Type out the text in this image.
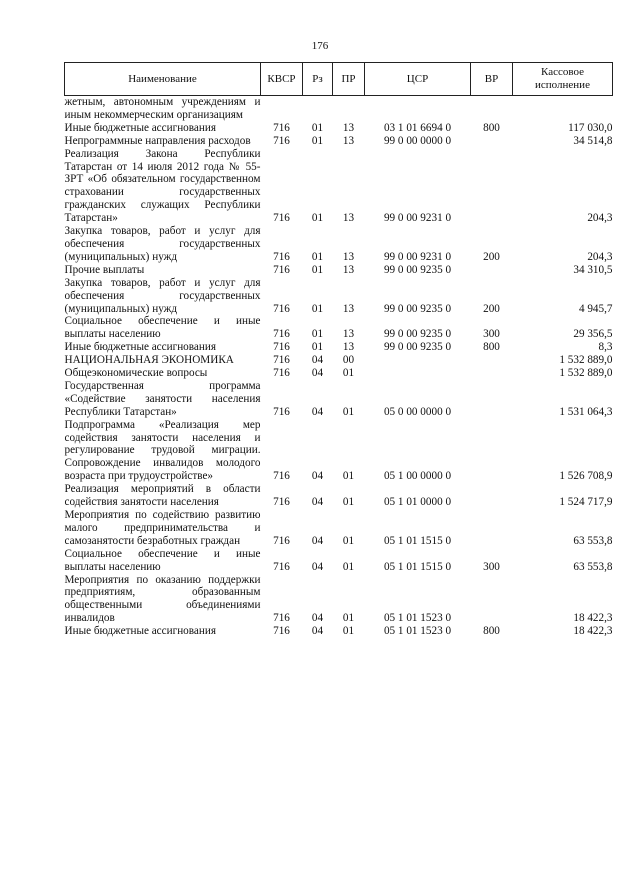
176
Наименование	КВСР	Рз	ПР	ЦСР	ВР	Кассовое исполнение
жетным, автономным учреждениям и иным некоммерческим организациям						
Иные бюджетные ассигнования	716	01	13	03 1 01 6694 0	800	117 030,0
Непрограммные направления расходов	716	01	13	99 0 00 0000 0		34 514,8
Реализация Закона Республики Татарстан от 14 июля 2012 года № 55-ЗРТ «Об обязательном государственном страховании государственных гражданских служащих Республики Татарстан»	716	01	13	99 0 00 9231 0		204,3
Закупка товаров, работ и услуг для обеспечения государственных (муниципальных) нужд	716	01	13	99 0 00 9231 0	200	204,3
Прочие выплаты	716	01	13	99 0 00 9235 0		34 310,5
Закупка товаров, работ и услуг для обеспечения государственных (муниципальных) нужд	716	01	13	99 0 00 9235 0	200	4 945,7
Социальное обеспечение и иные выплаты населению	716	01	13	99 0 00 9235 0	300	29 356,5
Иные бюджетные ассигнования	716	01	13	99 0 00 9235 0	800	8,3
НАЦИОНАЛЬНАЯ ЭКОНОМИКА	716	04	00			1 532 889,0
Общеэкономические вопросы	716	04	01			1 532 889,0
Государственная программа «Содействие занятости населения Республики Татарстан»	716	04	01	05 0 00 0000 0		1 531 064,3
Подпрограмма «Реализация мер содействия занятости населения и регулирование трудовой миграции. Сопровождение инвалидов молодого возраста при трудоустройстве»	716	04	01	05 1 00 0000 0		1 526 708,9
Реализация мероприятий в области содействия занятости населения	716	04	01	05 1 01 0000 0		1 524 717,9
Мероприятия по содействию развитию малого предпринимательства и самозанятости безработных граждан	716	04	01	05 1 01 1515 0		63 553,8
Социальное обеспечение и иные выплаты населению	716	04	01	05 1 01 1515 0	300	63 553,8
Мероприятия по оказанию поддержки предприятиям, образованным общественными объединениями инвалидов	716	04	01	05 1 01 1523 0		18 422,3
Иные бюджетные ассигнования	716	04	01	05 1 01 1523 0	800	18 422,3
